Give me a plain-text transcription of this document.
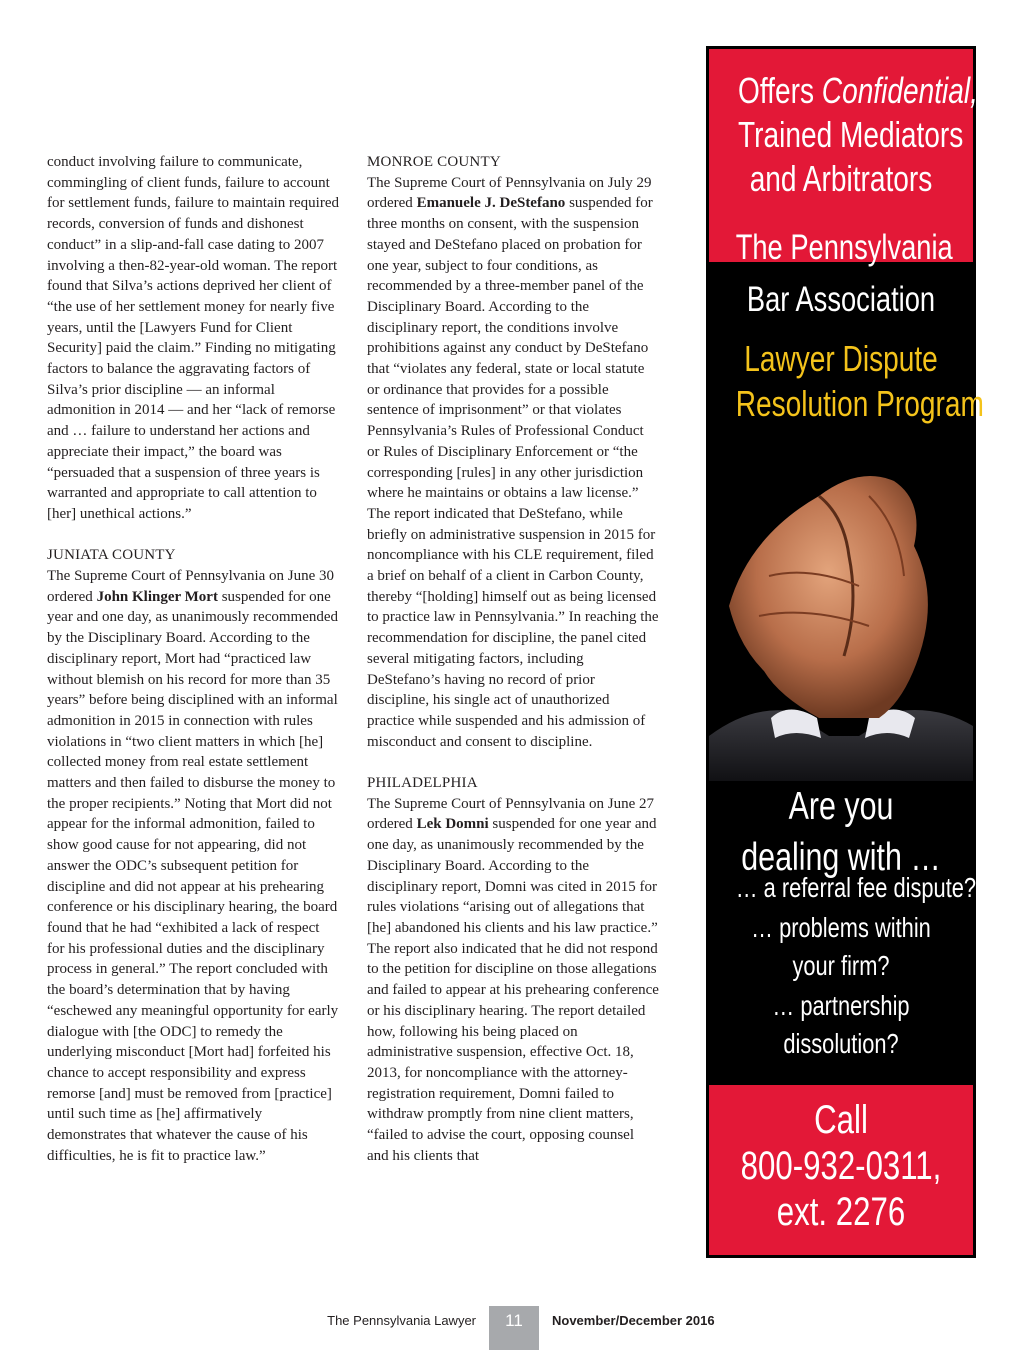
conduct involving failure to communicate, commingling of client funds, failure to account for settlement funds, failure to maintain required records, conversion of funds and dishonest conduct” in a slip-and-fall case dating to 2007 involving a then-82-year-old woman. The report found that Silva’s actions deprived her client of “the use of her settlement money for nearly five years, until the [Lawyers Fund for Client Security] paid the claim.” Finding no mitigating factors to balance the aggravating factors of Silva’s prior discipline — an informal admonition in 2014 — and her “lack of remorse and … failure to understand her actions and appreciate their impact,” the board was “persuaded that a suspension of three years is warranted and appropriate to call attention to [her] unethical actions.”

JUNIATA COUNTY

The Supreme Court of Pennsylvania on June 30 ordered John Klinger Mort suspended for one year and one day, as unanimously recommended by the Disciplinary Board. According to the disciplinary report, Mort had “practiced law without blemish on his record for more than 35 years” before being disciplined with an informal admonition in 2015 in connection with rules violations in “two client matters in which [he] collected money from real estate settlement matters and then failed to disburse the money to the proper recipients.” Noting that Mort did not appear for the informal admonition, failed to show good cause for not appearing, did not answer the ODC’s subsequent petition for discipline and did not appear at his prehearing conference or his disciplinary hearing, the board found that he had “exhibited a lack of respect for his professional duties and the disciplinary process in general.” The report concluded with the board’s determination that by having “eschewed any meaningful opportunity for early dialogue with [the ODC] to remedy the underlying misconduct [Mort had] forfeited his chance to accept responsibility and express remorse [and] must be removed from [practice] until such time as [he] affirmatively demonstrates that whatever the cause of his difficulties, he is fit to practice law.”

MONROE COUNTY

The Supreme Court of Pennsylvania on July 29 ordered Emanuele J. DeStefano suspended for three months on consent, with the suspension stayed and DeStefano placed on probation for one year, subject to four conditions, as recommended by a three-member panel of the Disciplinary Board. According to the disciplinary report, the conditions involve prohibitions against any conduct by DeStefano that “violates any federal, state or local statute or ordinance that provides for a possible sentence of imprisonment” or that violates Pennsylvania’s Rules of Professional Conduct or Rules of Disciplinary Enforcement or “the corresponding [rules] in any other jurisdiction where he maintains or obtains a law license.” The report indicated that DeStefano, while briefly on administrative suspension in 2015 for noncompliance with his CLE requirement, filed a brief on behalf of a client in Carbon County, thereby “[holding] himself out as being licensed to practice law in Pennsylvania.” In reaching the recommendation for discipline, the panel cited several mitigating factors, including DeStefano’s having no record of prior discipline, his single act of unauthorized practice while suspended and his admission of misconduct and consent to discipline.

PHILADELPHIA

The Supreme Court of Pennsylvania on June 27 ordered Lek Domni suspended for one year and one day, as unanimously recommended by the Disciplinary Board. According to the disciplinary report, Domni was cited in 2015 for rules violations “arising out of allegations that [he] abandoned his clients and his law practice.” The report also indicated that he did not respond to the petition for discipline on those allegations and failed to appear at his prehearing conference or his disciplinary hearing. The report detailed how, following his being placed on administrative suspension, effective Oct. 18, 2013, for noncompliance with the attorney-registration requirement, Domni failed to withdraw promptly from nine client matters, “failed to advise the court, opposing counsel and his clients that

Offers Confidential,
Trained Mediators
and Arbitrators
The Pennsylvania
Bar Association
Lawyer Dispute
Resolution Program
Are you
dealing with …
… a referral fee dispute?
… problems within
your firm?
… partnership
dissolution?
Call
800-932-0311,
ext. 2276
The Pennsylvania Lawyer	11	November/December 2016
